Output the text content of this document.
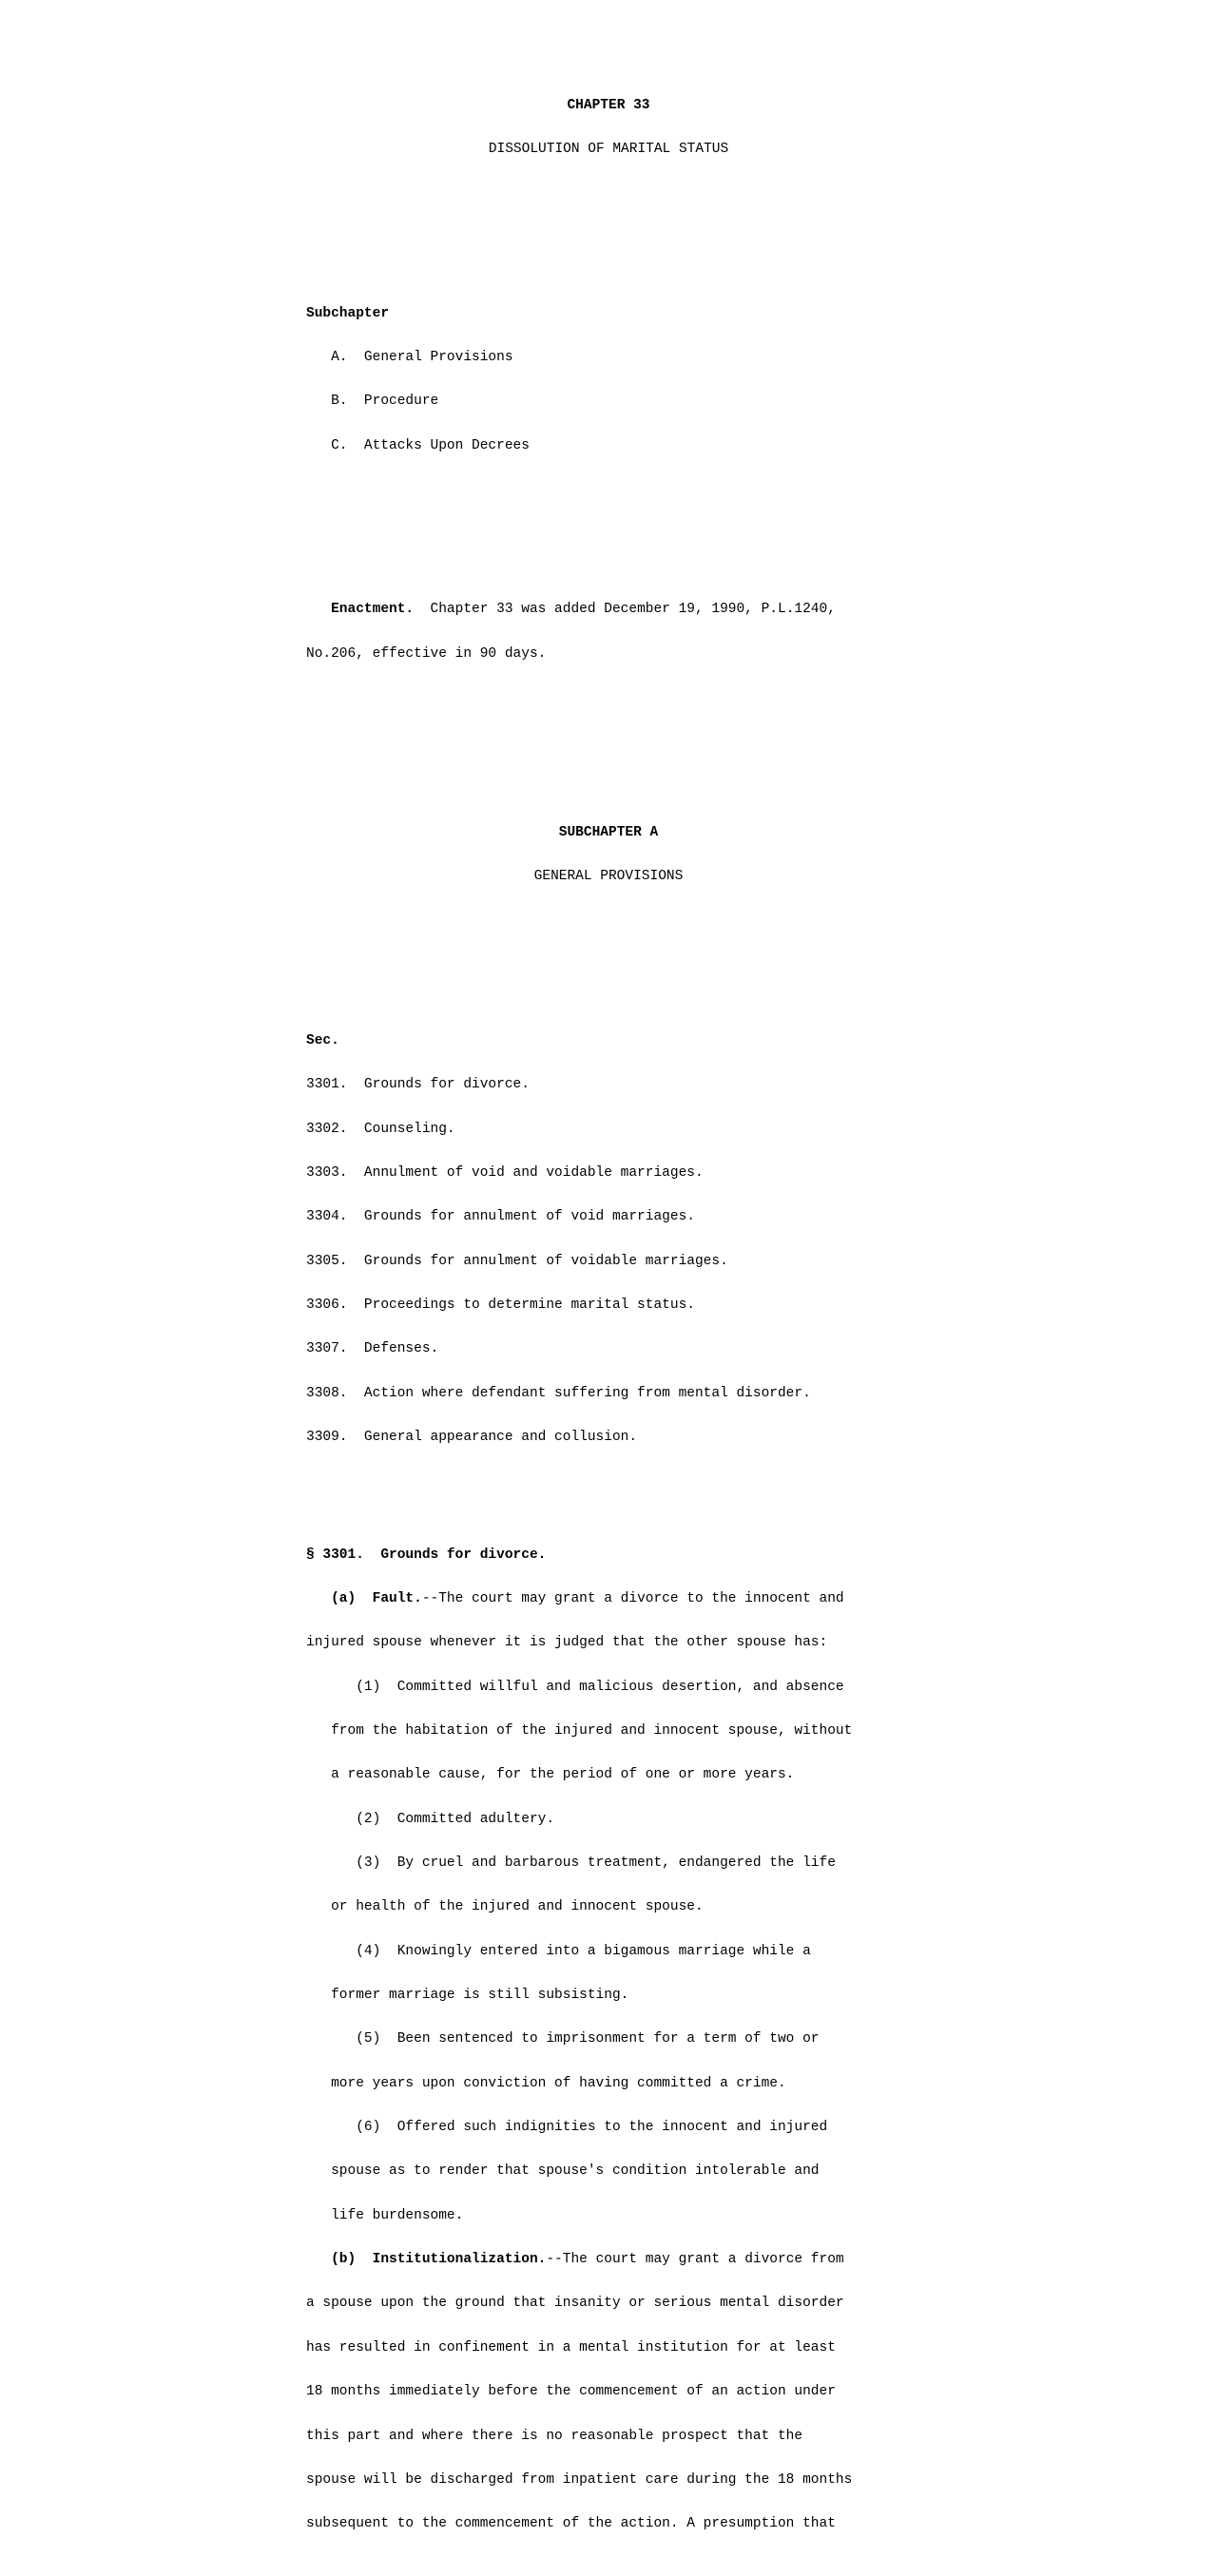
CHAPTER 33

DISSOLUTION OF MARITAL STATUS

Subchapter

A.  General Provisions

B.  Procedure

C.  Attacks Upon Decrees

Enactment.  Chapter 33 was added December 19, 1990, P.L.1240,

No.206, effective in 90 days.

SUBCHAPTER A

GENERAL PROVISIONS

Sec.

3301.  Grounds for divorce.

3302.  Counseling.

3303.  Annulment of void and voidable marriages.

3304.  Grounds for annulment of void marriages.

3305.  Grounds for annulment of voidable marriages.

3306.  Proceedings to determine marital status.

3307.  Defenses.

3308.  Action where defendant suffering from mental disorder.

3309.  General appearance and collusion.

§ 3301.  Grounds for divorce.

(a)  Fault.--The court may grant a divorce to the innocent and

injured spouse whenever it is judged that the other spouse has:

(1)  Committed willful and malicious desertion, and absence

from the habitation of the injured and innocent spouse, without

a reasonable cause, for the period of one or more years.

(2)  Committed adultery.

(3)  By cruel and barbarous treatment, endangered the life

or health of the injured and innocent spouse.

(4)  Knowingly entered into a bigamous marriage while a

former marriage is still subsisting.

(5)  Been sentenced to imprisonment for a term of two or

more years upon conviction of having committed a crime.

(6)  Offered such indignities to the innocent and injured

spouse as to render that spouse's condition intolerable and

life burdensome.

(b)  Institutionalization.--The court may grant a divorce from

a spouse upon the ground that insanity or serious mental disorder

has resulted in confinement in a mental institution for at least

18 months immediately before the commencement of an action under

this part and where there is no reasonable prospect that the

spouse will be discharged from inpatient care during the 18 months

subsequent to the commencement of the action. A presumption that
